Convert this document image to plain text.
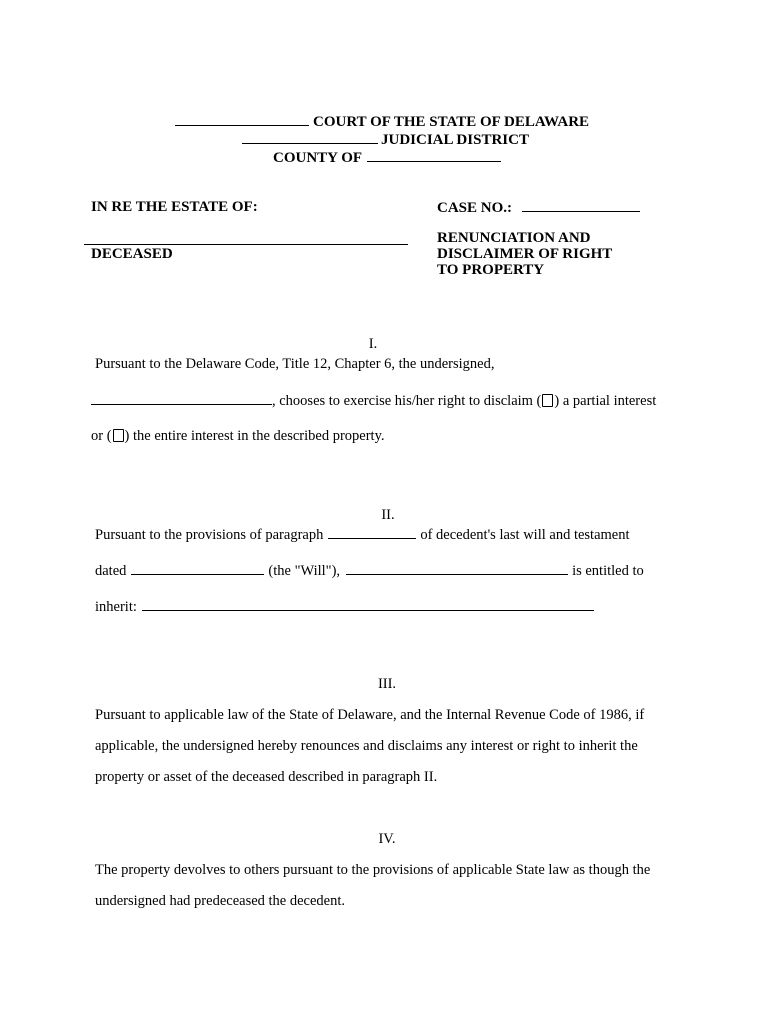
COURT OF THE STATE OF DELAWARE
JUDICIAL DISTRICT
COUNTY OF
IN RE THE ESTATE OF:
DECEASED
CASE NO.:
RENUNCIATION AND
DISCLAIMER OF RIGHT
TO PROPERTY
I.
Pursuant to the Delaware Code, Title 12, Chapter 6, the undersigned,
, chooses to exercise his/her right to disclaim ( ) a partial interest
or ( ) the entire interest in the described property.
II.
Pursuant to the provisions of paragraph	of decedent's last will and testament
dated	(the "Will"),	is entitled to
inherit:
III.
Pursuant to applicable law of the State of Delaware, and the Internal Revenue Code of 1986, if
applicable, the undersigned hereby renounces and disclaims any interest or right to inherit the
property or asset of the deceased described in paragraph II.
IV.
The property devolves to others pursuant to the provisions of applicable State law as though the
undersigned had predeceased the decedent.
